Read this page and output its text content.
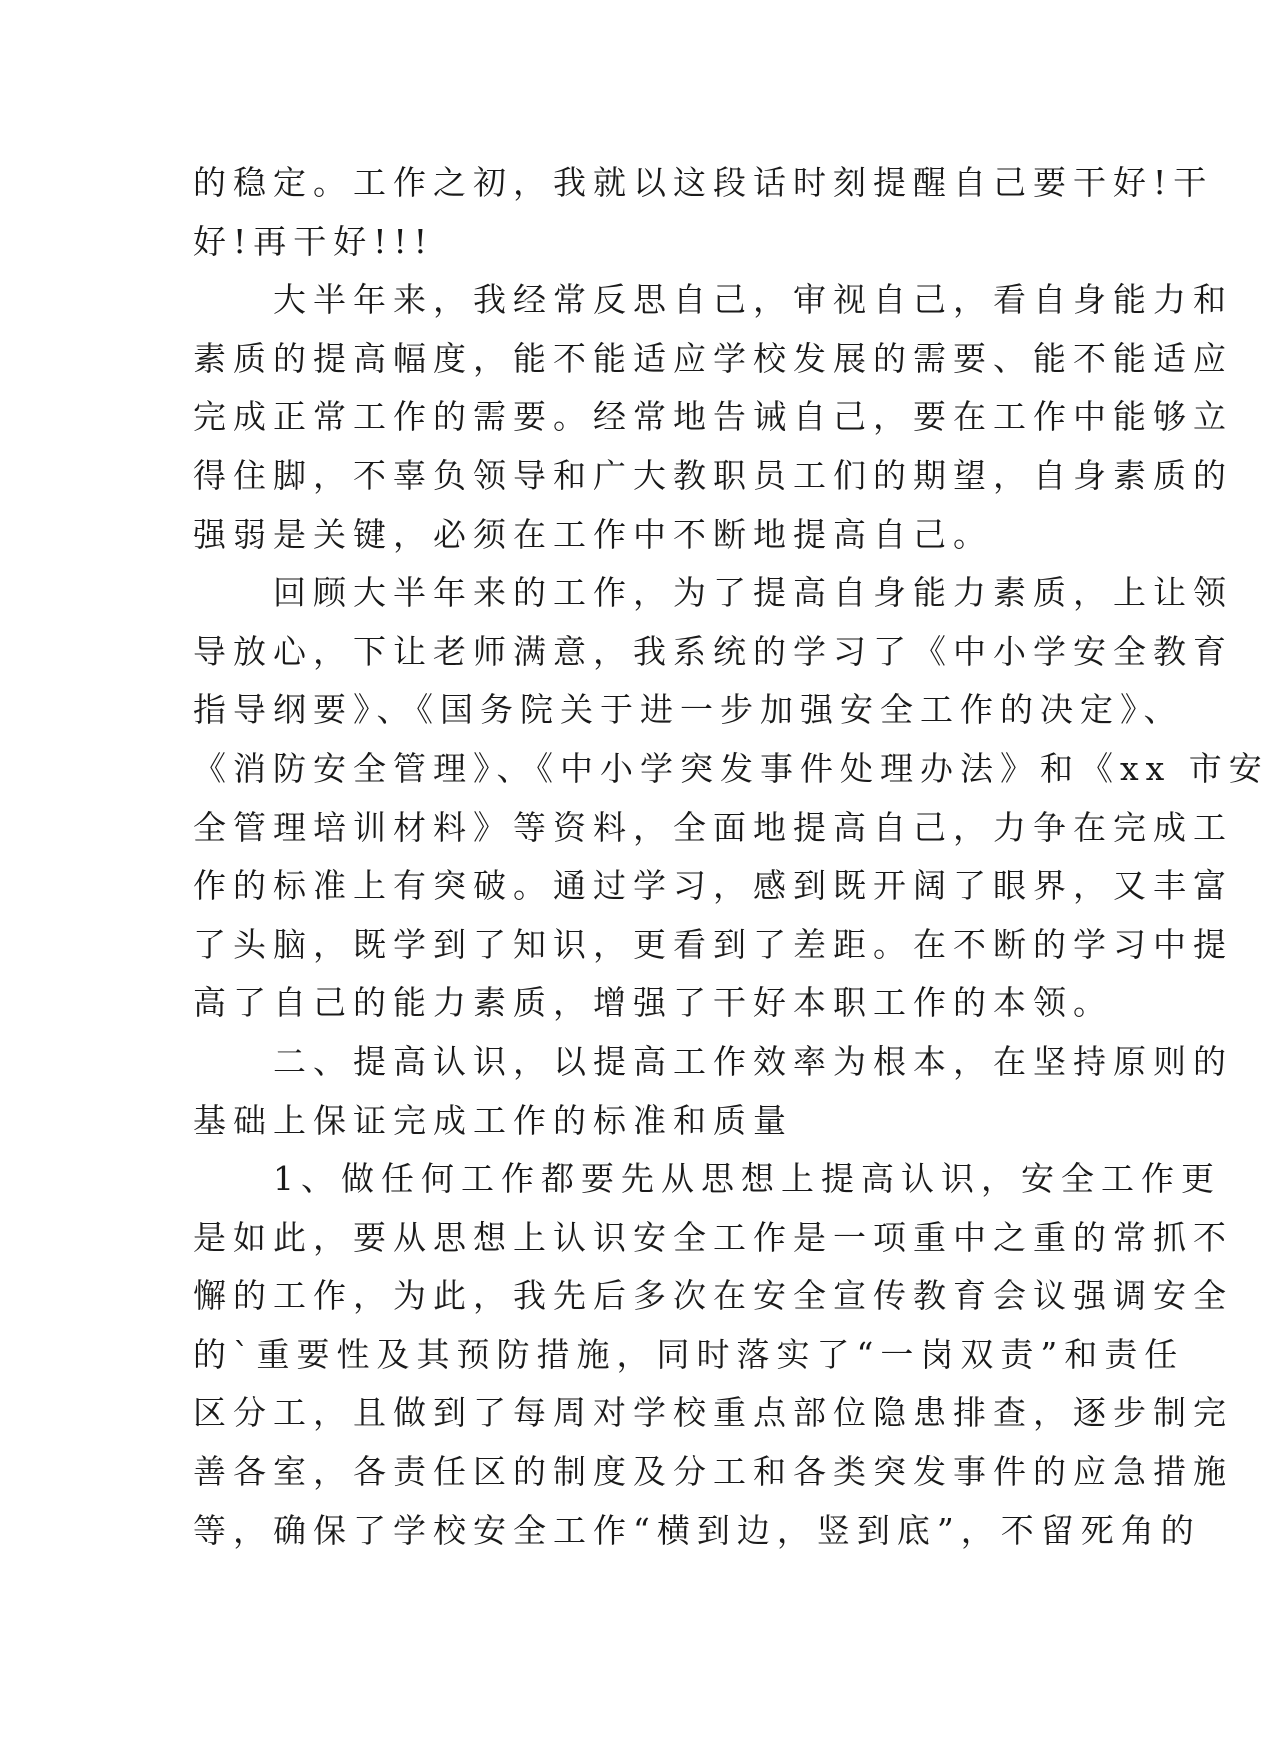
的稳定。工作之初，我就以这段话时刻提醒自己要干好!干
好!再干好!!!
　　大半年来，我经常反思自己，审视自己，看自身能力和
素质的提高幅度，能不能适应学校发展的需要、能不能适应
完成正常工作的需要。经常地告诫自己，要在工作中能够立
得住脚，不辜负领导和广大教职员工们的期望，自身素质的
强弱是关键，必须在工作中不断地提高自己。
　　回顾大半年来的工作，为了提高自身能力素质，上让领
导放心，下让老师满意，我系统的学习了《中小学安全教育
指导纲要》、《国务院关于进一步加强安全工作的决定》、
《消防安全管理》、《中小学突发事件处理办法》和《xx 市安
全管理培训材料》等资料，全面地提高自己，力争在完成工
作的标准上有突破。通过学习，感到既开阔了眼界，又丰富
了头脑，既学到了知识，更看到了差距。在不断的学习中提
高了自己的能力素质，增强了干好本职工作的本领。
　　二、提高认识，以提高工作效率为根本，在坚持原则的
基础上保证完成工作的标准和质量
　　1、做任何工作都要先从思想上提高认识，安全工作更
是如此，要从思想上认识安全工作是一项重中之重的常抓不
懈的工作，为此，我先后多次在安全宣传教育会议强调安全
的`重要性及其预防措施，同时落实了“一岗双责”和责任
区分工，且做到了每周对学校重点部位隐患排查，逐步制完
善各室，各责任区的制度及分工和各类突发事件的应急措施
等，确保了学校安全工作“横到边，竖到底”，不留死角的
